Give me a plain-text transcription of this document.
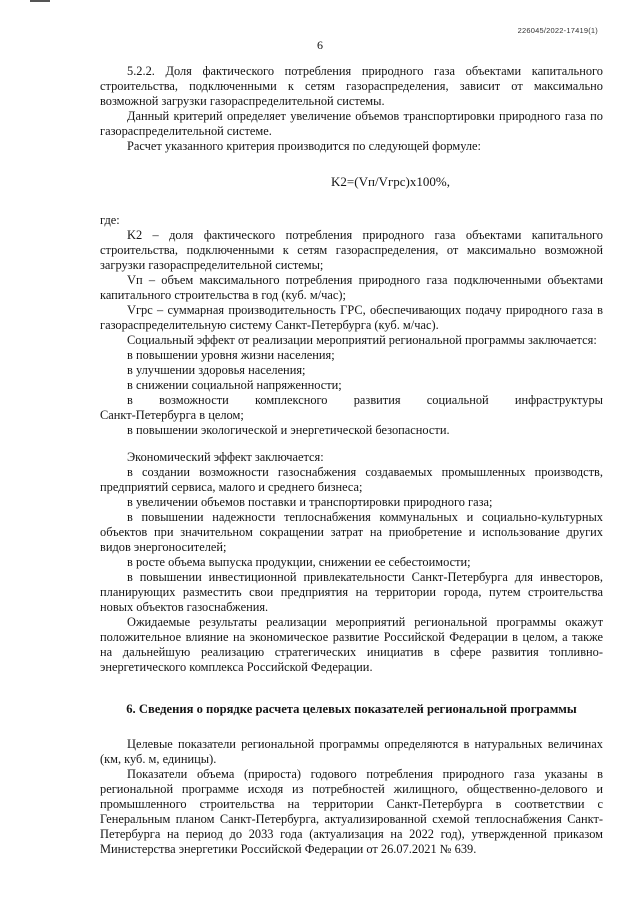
226045/2022-17419(1)
6

5.2.2. Доля фактического потребления природного газа объектами капитального строительства, подключенными к сетям газораспределения, зависит от максимально возможной загрузки газораспределительной системы.

Данный критерий определяет увеличение объемов транспортировки природного газа по газораспределительной системе.

Расчет указанного критерия производится по следующей формуле:

K2=(Vп/Vгрс)x100%,

где:

K2 – доля фактического потребления природного газа объектами капитального строительства, подключенными к сетям газораспределения, от максимально возможной загрузки газораспределительной системы;

Vп – объем максимального потребления природного газа подключенными объектами капитального строительства в год (куб. м/час);

Vгрс – суммарная производительность ГРС, обеспечивающих подачу природного газа в газораспределительную систему Санкт-Петербурга (куб. м/час).

Социальный эффект от реализации мероприятий региональной программы заключается:

в повышении уровня жизни населения;

в улучшении здоровья населения;

в снижении социальной напряженности;

в возможности комплексного развития социальной инфраструктуры

Санкт-Петербурга в целом;

в повышении экологической и энергетической безопасности.

Экономический эффект заключается:

в создании возможности газоснабжения создаваемых промышленных производств, предприятий сервиса, малого и среднего бизнеса;

в увеличении объемов поставки и транспортировки природного газа;

в повышении надежности теплоснабжения коммунальных и социально-культурных объектов при значительном сокращении затрат на приобретение и использование других видов энергоносителей;

в росте объема выпуска продукции, снижении ее себестоимости;

в повышении инвестиционной привлекательности Санкт-Петербурга для инвесторов, планирующих разместить свои предприятия на территории города, путем строительства новых объектов газоснабжения.

Ожидаемые результаты реализации мероприятий региональной программы окажут положительное влияние на экономическое развитие Российской Федерации в целом, а также на дальнейшую реализацию стратегических инициатив в сфере развития топливно-энергетического комплекса Российской Федерации.

6. Сведения о порядке расчета целевых показателей региональной программы

Целевые показатели региональной программы определяются в натуральных величинах (км, куб. м, единицы).

Показатели объема (прироста) годового потребления природного газа указаны в региональной программе исходя из потребностей жилищного, общественно-делового и промышленного строительства на территории Санкт-Петербурга в соответствии с Генеральным планом Санкт-Петербурга, актуализированной схемой теплоснабжения Санкт-Петербурга на период до 2033 года (актуализация на 2022 год), утвержденной приказом Министерства энергетики Российской Федерации от 26.07.2021 № 639.
